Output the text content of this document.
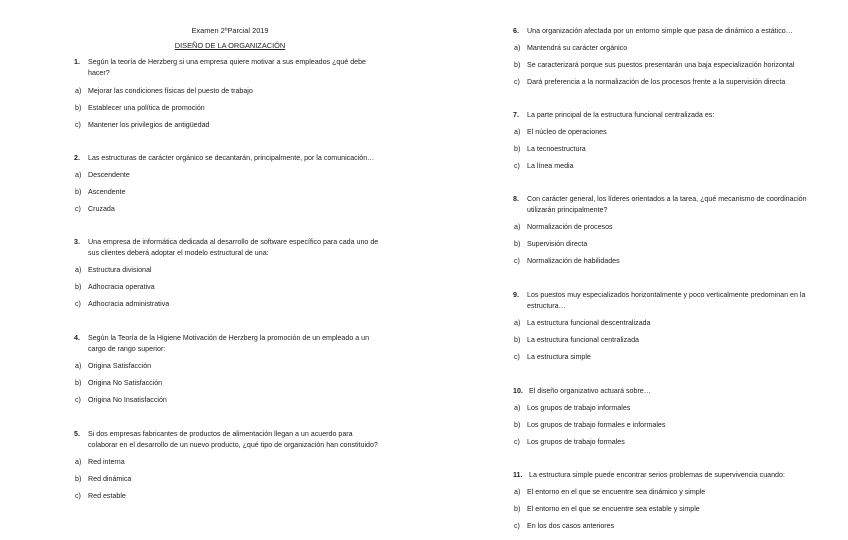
Examen 2ºParcial 2019
DISEÑO DE LA ORGANIZACIÓN
1. Según la teoría de Herzberg si una empresa quiere motivar a sus empleados ¿qué debe hacer?
a) Mejorar las condiciones físicas del puesto de trabajo
b) Establecer una política de promoción
c) Mantener los privilegios de antigüedad
2. Las estructuras de carácter orgánico se decantarán, principalmente, por la comunicación…
a) Descendente
b) Ascendente
c) Cruzada
3. Una empresa de informática dedicada al desarrollo de software específico para cada uno de sus clientes deberá adoptar el modelo estructural de una:
a) Estructura divisional
b) Adhocracia operativa
c) Adhocracia administrativa
4. Según la Teoría de la Higiene Motivación de Herzberg la promoción de un empleado a un cargo de rango superior:
a) Origina Satisfacción
b) Origina No Satisfacción
c) Origina No Insatisfacción
5. Si dos empresas fabricantes de productos de alimentación llegan a un acuerdo para colaborar en el desarrollo de un nuevo producto, ¿qué tipo de organización han constituido?
a) Red interna
b) Red dinámica
c) Red estable
6. Una organización afectada por un entorno simple que pasa de dinámico a estático…
a) Mantendrá su carácter orgánico
b) Se caracterizará porque sus puestos presentarán una baja especialización horizontal
c) Dará preferencia a la normalización de los procesos frente a la supervisión directa
7. La parte principal de la estructura funcional centralizada es:
a) El núcleo de operaciones
b) La tecnoestructura
c) La línea media
8. Con carácter general, los líderes orientados a la tarea, ¿qué mecanismo de coordinación utilizarán principalmente?
a) Normalización de procesos
b) Supervisión directa
c) Normalización de habilidades
9. Los puestos muy especializados horizontalmente y poco verticalmente predominan en la estructura…
a) La estructura funcional descentralizada
b) La estructura funcional centralizada
c) La estructura simple
10. El diseño organizativo actuará sobre…
a) Los grupos de trabajo informales
b) Los grupos de trabajo formales e informales
c) Los grupos de trabajo formales
11. La estructura simple puede encontrar serios problemas de supervivencia cuando:
a) El entorno en el que se encuentre sea dinámico y simple
b) El entorno en el que se encuentre sea estable y simple
c) En los dos casos anteriores
